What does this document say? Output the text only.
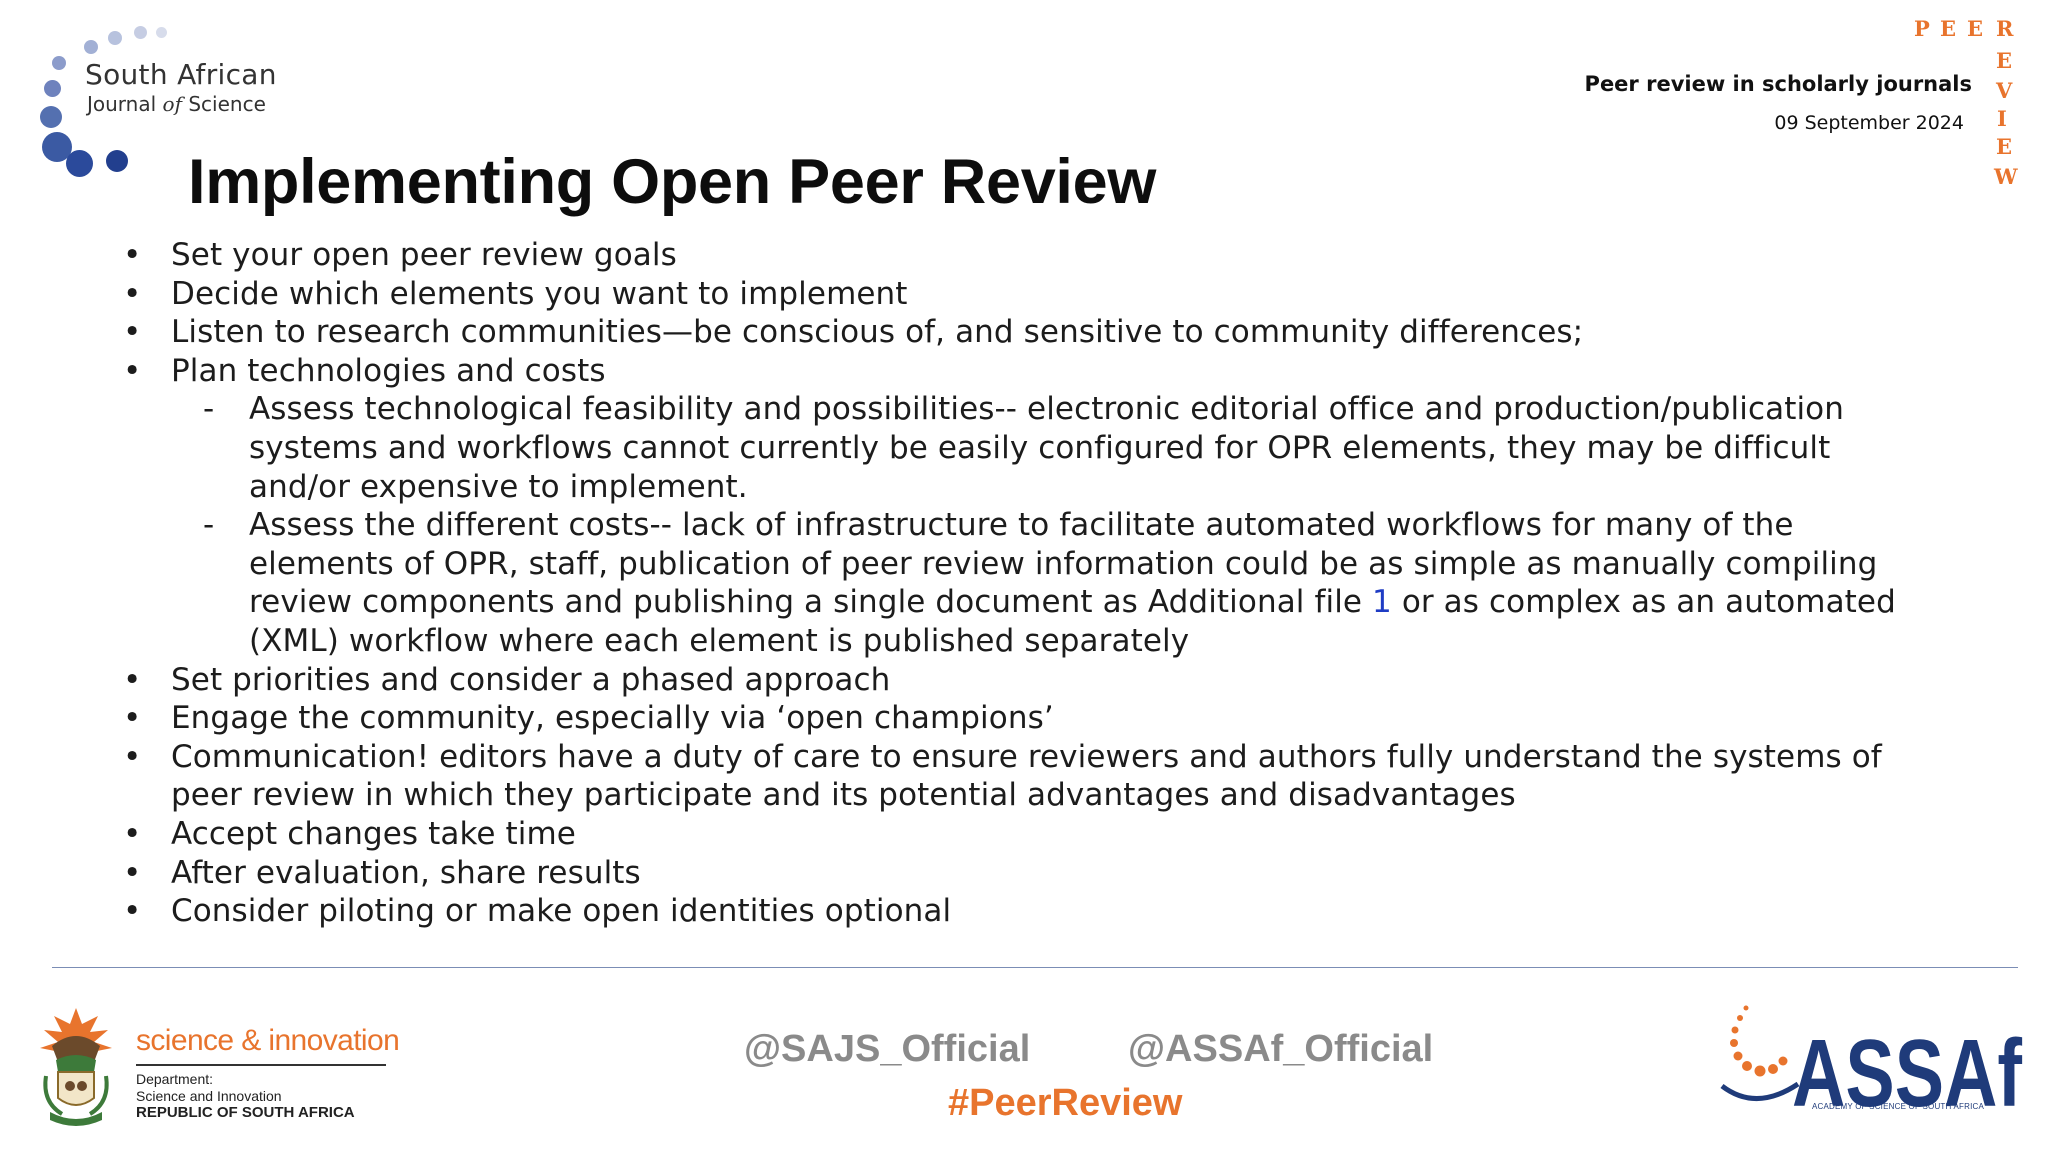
South African
Journal of Science
Peer review in scholarly journals
09 September 2024
P E E R
E
V
I
E
W
Implementing Open Peer Review
• Set your open peer review goals
• Decide which elements you want to implement
• Listen to research communities—be conscious of, and sensitive to community differences;
• Plan technologies and costs
- Assess technological feasibility and possibilities-- electronic editorial office and production/publication
systems and workflows cannot currently be easily configured for OPR elements, they may be difficult
and/or expensive to implement.
- Assess the different costs-- lack of infrastructure to facilitate automated workflows for many of the
elements of OPR, staff, publication of peer review information could be as simple as manually compiling
review components and publishing a single document as Additional file 1 or as complex as an automated
(XML) workflow where each element is published separately
• Set priorities and consider a phased approach
• Engage the community, especially via ‘open champions’
• Communication! editors have a duty of care to ensure reviewers and authors fully understand the systems of
peer review in which they participate and its potential advantages and disadvantages
• Accept changes take time
• After evaluation, share results
• Consider piloting or make open identities optional
science & innovation
Department:
Science and Innovation
REPUBLIC OF SOUTH AFRICA
@SAJS_Official	@ASSAf_Official
#PeerReview	ASSAf
ACADEMY OF SCIENCE OF SOUTH AFRICA
